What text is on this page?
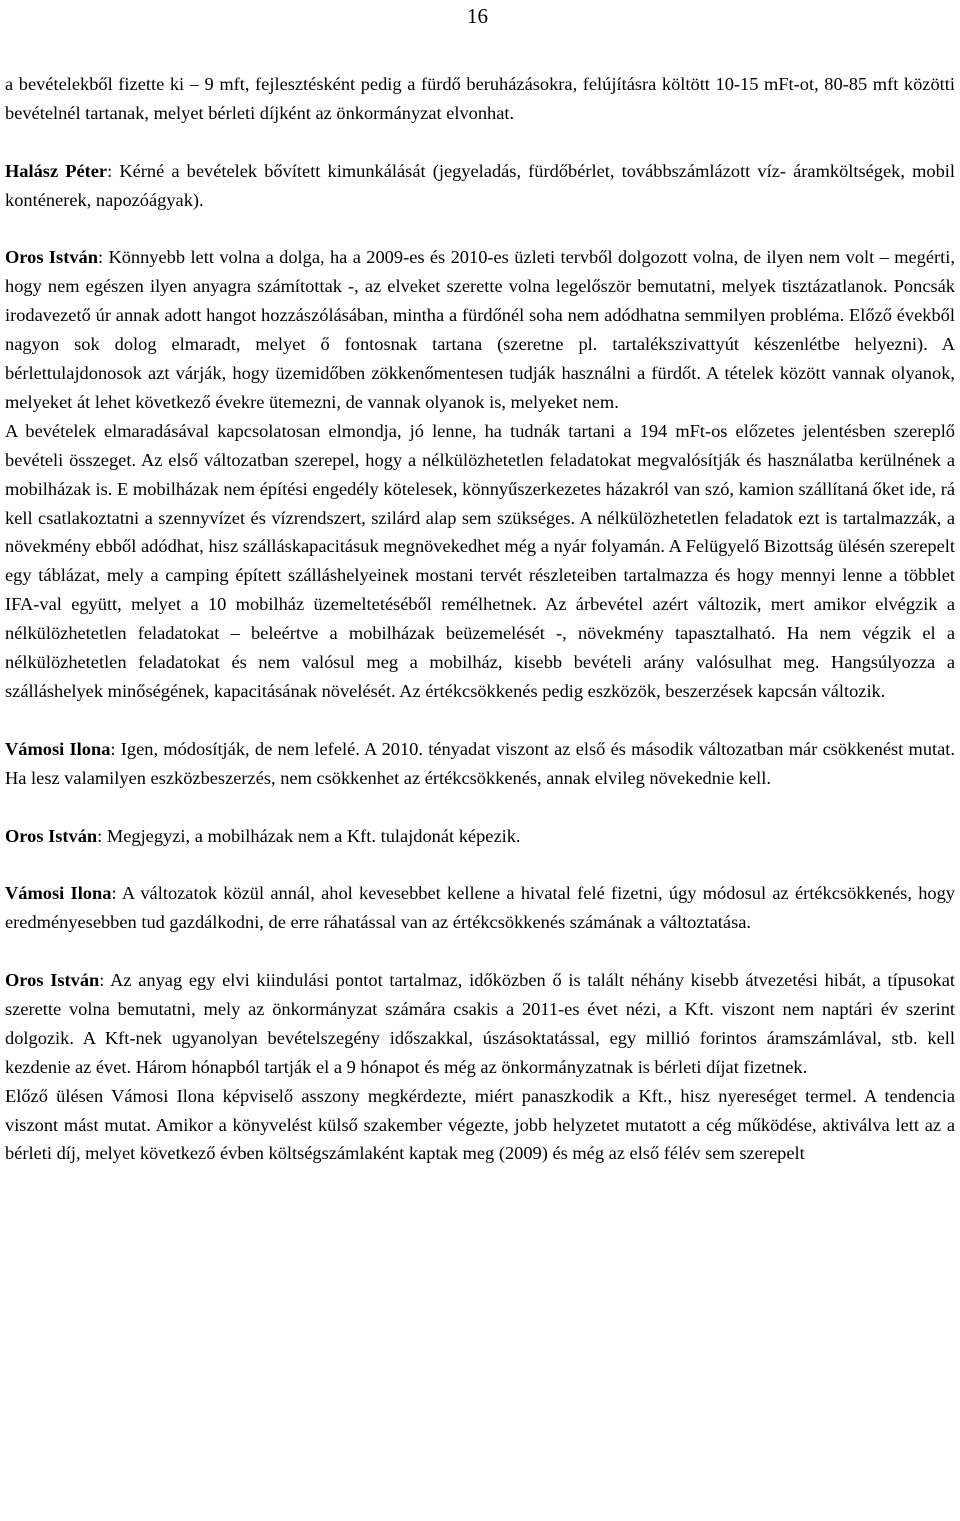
16

a bevételekből fizette ki – 9 mft, fejlesztésként pedig a fürdő beruházásokra, felújításra költött 10-15 mFt-ot, 80-85 mft közötti bevételnél tartanak, melyet bérleti díjként az önkormányzat elvonhat.

Halász Péter: Kérné a bevételek bővített kimunkálását (jegyeladás, fürdőbérlet, továbbszámlázott víz- áramköltségek, mobil konténerek, napozóágyak).

Oros István: Könnyebb lett volna a dolga, ha a 2009-es és 2010-es üzleti tervből dolgozott volna, de ilyen nem volt – megérti, hogy nem egészen ilyen anyagra számítottak -, az elveket szerette volna legelőször bemutatni, melyek tisztázatlanok. Poncsák irodavezető úr annak adott hangot hozzászólásában, mintha a fürdőnél soha nem adódhatna semmilyen probléma. Előző évekből nagyon sok dolog elmaradt, melyet ő fontosnak tartana (szeretne pl. tartalékszivattyút készenlétbe helyezni). A bérlettulajdonosok azt várják, hogy üzemidőben zökkenőmentesen tudják használni a fürdőt. A tételek között vannak olyanok, melyeket át lehet következő évekre ütemezni, de vannak olyanok is, melyeket nem.

A bevételek elmaradásával kapcsolatosan elmondja, jó lenne, ha tudnák tartani a 194 mFt-os előzetes jelentésben szereplő bevételi összeget. Az első változatban szerepel, hogy a nélkülözhetetlen feladatokat megvalósítják és használatba kerülnének a mobilházak is. E mobilházak nem építési engedély kötelesek, könnyűszerkezetes házakról van szó, kamion szállítaná őket ide, rá kell csatlakoztatni a szennyvízet és vízrendszert, szilárd alap sem szükséges. A nélkülözhetetlen feladatok ezt is tartalmazzák, a növekmény ebből adódhat, hisz szálláskapacitásuk megnövekedhet még a nyár folyamán. A Felügyelő Bizottság ülésén szerepelt egy táblázat, mely a camping épített szálláshelyeinek mostani tervét részleteiben tartalmazza és hogy mennyi lenne a többlet IFA-val együtt, melyet a 10 mobilház üzemeltetéséből remélhetnek. Az árbevétel azért változik, mert amikor elvégzik a nélkülözhetetlen feladatokat – beleértve a mobilházak beüzemelését -, növekmény tapasztalható. Ha nem végzik el a nélkülözhetetlen feladatokat és nem valósul meg a mobilház, kisebb bevételi arány valósulhat meg. Hangsúlyozza a szálláshelyek minőségének, kapacitásának növelését. Az értékcsökkenés pedig eszközök, beszerzések kapcsán változik.

Vámosi Ilona: Igen, módosítják, de nem lefelé. A 2010. tényadat viszont az első és második változatban már csökkenést mutat. Ha lesz valamilyen eszközbeszerzés, nem csökkenhet az értékcsökkenés, annak elvileg növekednie kell.

Oros István: Megjegyzi, a mobilházak nem a Kft. tulajdonát képezik.

Vámosi Ilona: A változatok közül annál, ahol kevesebbet kellene a hivatal felé fizetni, úgy módosul az értékcsökkenés, hogy eredményesebben tud gazdálkodni, de erre ráhatással van az értékcsökkenés számának a változtatása.

Oros István: Az anyag egy elvi kiindulási pontot tartalmaz, időközben ő is talált néhány kisebb átvezetési hibát, a típusokat szerette volna bemutatni, mely az önkormányzat számára csakis a 2011-es évet nézi, a Kft. viszont nem naptári év szerint dolgozik. A Kft-nek ugyanolyan bevételszegény időszakkal, úszásoktatással, egy millió forintos áramszámlával, stb. kell kezdenie az évet. Három hónapból tartják el a 9 hónapot és még az önkormányzatnak is bérleti díjat fizetnek.

Előző ülésen Vámosi Ilona képviselő asszony megkérdezte, miért panaszkodik a Kft., hisz nyereséget termel. A tendencia viszont mást mutat. Amikor a könyvelést külső szakember végezte, jobb helyzetet mutatott a cég működése, aktiválva lett az a bérleti díj, melyet következő évben költségszámlaként kaptak meg (2009) és még az első félév sem szerepelt
